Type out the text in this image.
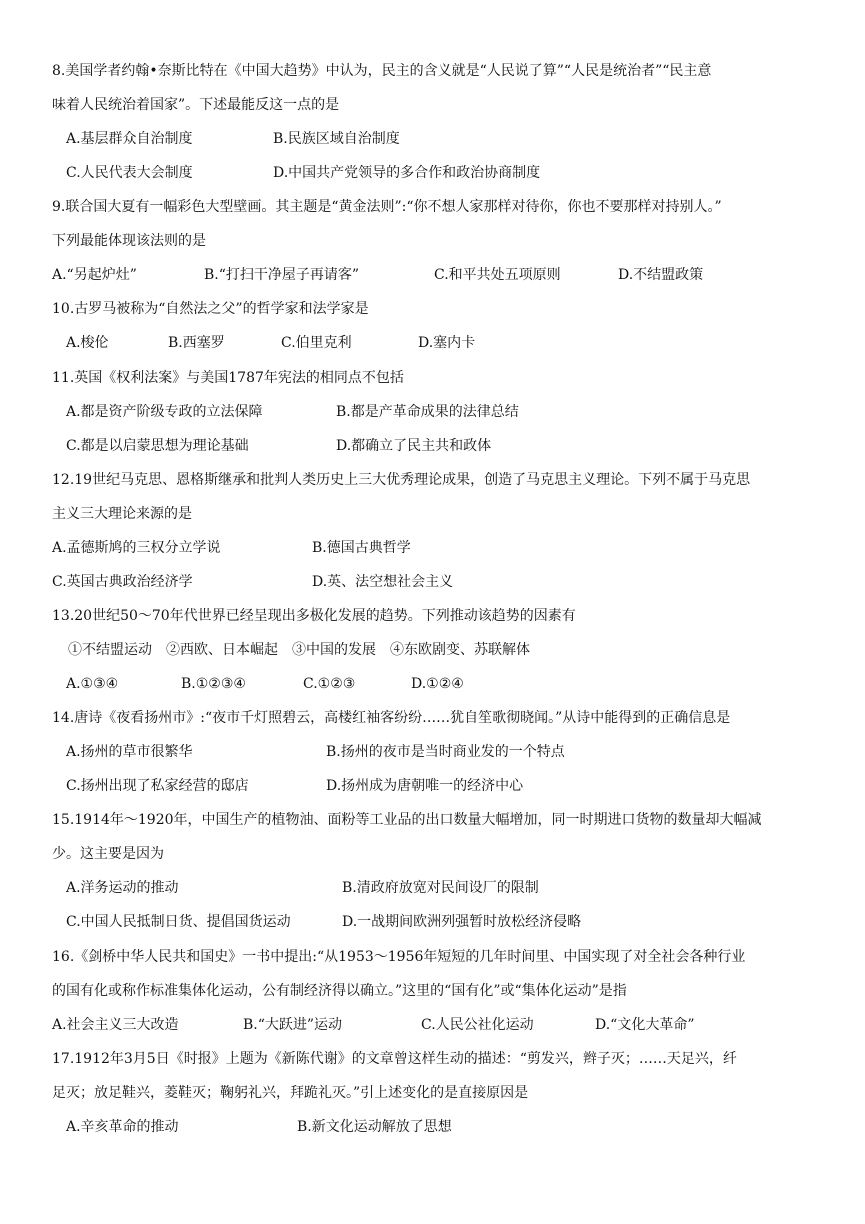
8.美国学者约翰•奈斯比特在《中国大趋势》中认为，民主的含义就是“人民说了算”“人民是统治者”“民主意
味着人民统治着国家”。下述最能反这一点的是
A.基层群众自治制度	B.民族区域自治制度
C.人民代表大会制度	D.中国共产党领导的多合作和政治协商制度
9.联合国大夏有一幅彩色大型壁画。其主题是“黄金法则”:“你不想人家那样对待你，你也不要那样对持别人。”
下列最能体现该法则的是
A.“另起炉灶”	B.“打扫干净屋子再请客”	C.和平共处五项原则	D.不结盟政策
10.古罗马被称为“自然法之父”的哲学家和法学家是
A.梭伦	B.西塞罗	C.伯里克利	D.塞内卡
11.英国《权利法案》与美国1787年宪法的相同点不包括
A.都是资产阶级专政的立法保障	B.都是产革命成果的法律总结
C.都是以启蒙思想为理论基础	D.都确立了民主共和政体
12.19世纪马克思、恩格斯继承和批判人类历史上三大优秀理论成果，创造了马克思主义理论。下列不属于马克思
主义三大理论来源的是
A.孟德斯鸠的三权分立学说	B.德国古典哲学
C.英国古典政治经济学	D.英、法空想社会主义
13.20世纪50～70年代世界已经呈现出多极化发展的趋势。下列推动该趋势的因素有
①不结盟运动　②西欧、日本崛起　③中国的发展　④东欧剧变、苏联解体
A.①③④	B.①②③④	C.①②③	D.①②④
14.唐诗《夜看扬州市》:“夜市千灯照碧云，高楼红袖客纷纷……犹自笙歌彻晓闻。”从诗中能得到的正确信息是
A.扬州的草市很繁华	B.扬州的夜市是当时商业发的一个特点
C.扬州出现了私家经营的邸店	D.扬州成为唐朝唯一的经济中心
15.1914年～1920年，中国生产的植物油、面粉等工业品的出口数量大幅增加，同一时期进口货物的数量却大幅减
少。这主要是因为
A.洋务运动的推动	B.清政府放宽对民间设厂的限制
C.中国人民抵制日货、提倡国货运动	D.一战期间欧洲列强暂时放松经济侵略
16.《剑桥中华人民共和国史》一书中提出:“从1953～1956年短短的几年时间里、中国实现了对全社会各种行业
的国有化或称作标准集体化运动，公有制经济得以确立。”这里的“国有化”或“集体化运动”是指
A.社会主义三大改造	B.“大跃进”运动	C.人民公社化运动	D.“文化大革命”
17.1912年3月5日《时报》上题为《新陈代谢》的文章曾这样生动的描述：“剪发兴，辫子灭；……天足兴，纤
足灭；放足鞋兴，菱鞋灭；鞠躬礼兴，拜跪礼灭。”引上述变化的是直接原因是
A.辛亥革命的推动	B.新文化运动解放了思想
